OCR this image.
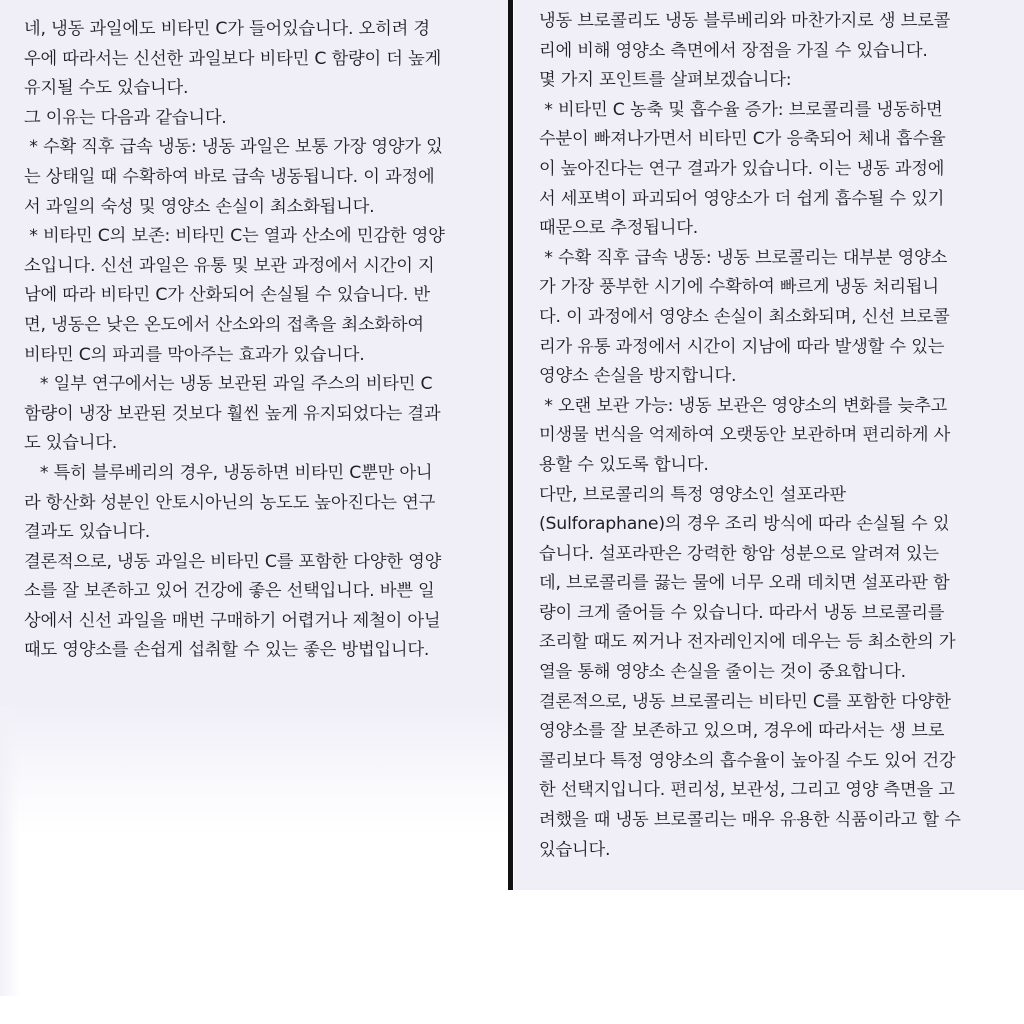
네, 냉동 과일에도 비타민 C가 들어있습니다. 오히려 경
우에 따라서는 신선한 과일보다 비타민 C 함량이 더 높게
유지될 수도 있습니다.
그 이유는 다음과 같습니다.
* 수확 직후 급속 냉동: 냉동 과일은 보통 가장 영양가 있
는 상태일 때 수확하여 바로 급속 냉동됩니다. 이 과정에
서 과일의 숙성 및 영양소 손실이 최소화됩니다.
* 비타민 C의 보존: 비타민 C는 열과 산소에 민감한 영양
소입니다. 신선 과일은 유통 및 보관 과정에서 시간이 지
남에 따라 비타민 C가 산화되어 손실될 수 있습니다. 반
면, 냉동은 낮은 온도에서 산소와의 접촉을 최소화하여
비타민 C의 파괴를 막아주는 효과가 있습니다.
* 일부 연구에서는 냉동 보관된 과일 주스의 비타민 C
함량이 냉장 보관된 것보다 훨씬 높게 유지되었다는 결과
도 있습니다.
* 특히 블루베리의 경우, 냉동하면 비타민 C뿐만 아니
라 항산화 성분인 안토시아닌의 농도도 높아진다는 연구
결과도 있습니다.
결론적으로, 냉동 과일은 비타민 C를 포함한 다양한 영양
소를 잘 보존하고 있어 건강에 좋은 선택입니다. 바쁜 일
상에서 신선 과일을 매번 구매하기 어렵거나 제철이 아닐
때도 영양소를 손쉽게 섭취할 수 있는 좋은 방법입니다.
냉동 브로콜리도 냉동 블루베리와 마찬가지로 생 브로콜
리에 비해 영양소 측면에서 장점을 가질 수 있습니다.
몇 가지 포인트를 살펴보겠습니다:
* 비타민 C 농축 및 흡수율 증가: 브로콜리를 냉동하면
수분이 빠져나가면서 비타민 C가 응축되어 체내 흡수율
이 높아진다는 연구 결과가 있습니다. 이는 냉동 과정에
서 세포벽이 파괴되어 영양소가 더 쉽게 흡수될 수 있기
때문으로 추정됩니다.
* 수확 직후 급속 냉동: 냉동 브로콜리는 대부분 영양소
가 가장 풍부한 시기에 수확하여 빠르게 냉동 처리됩니
다. 이 과정에서 영양소 손실이 최소화되며, 신선 브로콜
리가 유통 과정에서 시간이 지남에 따라 발생할 수 있는
영양소 손실을 방지합니다.
* 오랜 보관 가능: 냉동 보관은 영양소의 변화를 늦추고
미생물 번식을 억제하여 오랫동안 보관하며 편리하게 사
용할 수 있도록 합니다.
다만, 브로콜리의 특정 영양소인 설포라판
(Sulforaphane)의 경우 조리 방식에 따라 손실될 수 있
습니다. 설포라판은 강력한 항암 성분으로 알려져 있는
데, 브로콜리를 끓는 물에 너무 오래 데치면 설포라판 함
량이 크게 줄어들 수 있습니다. 따라서 냉동 브로콜리를
조리할 때도 찌거나 전자레인지에 데우는 등 최소한의 가
열을 통해 영양소 손실을 줄이는 것이 중요합니다.
결론적으로, 냉동 브로콜리는 비타민 C를 포함한 다양한
영양소를 잘 보존하고 있으며, 경우에 따라서는 생 브로
콜리보다 특정 영양소의 흡수율이 높아질 수도 있어 건강
한 선택지입니다. 편리성, 보관성, 그리고 영양 측면을 고
려했을 때 냉동 브로콜리는 매우 유용한 식품이라고 할 수
있습니다.
